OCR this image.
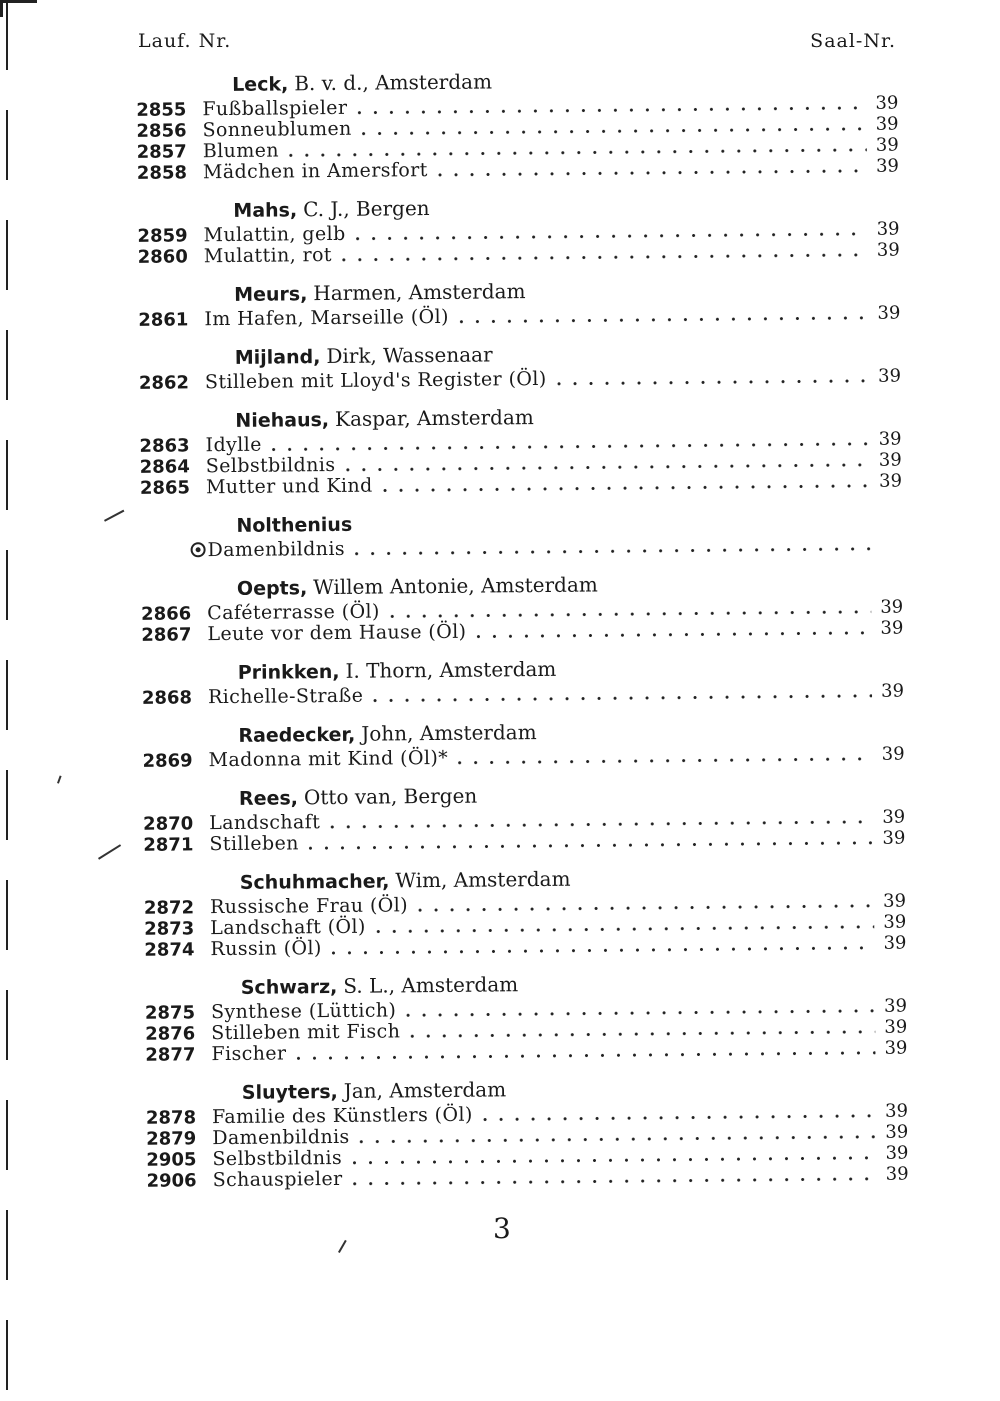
Lauf. Nr.	Saal-Nr.
Leck, B. v. d., Amsterdam
2855 Fußballspieler	39
2856 Sonneublumen	39
2857 Blumen	39
2858 Mädchen in Amersfort	39
Mahs, C. J., Bergen
2859 Mulattin, gelb	39
2860 Mulattin, rot	39
Meurs, Harmen, Amsterdam
2861 Im Hafen, Marseille (Öl)	39
Mijland, Dirk, Wassenaar
2862 Stilleben mit Lloyd's Register (Öl)	39
Niehaus, Kaspar, Amsterdam
2863 Idylle	39
2864 Selbstbildnis	39
2865 Mutter und Kind	39
Nolthenius
Damenbildnis
Oepts, Willem Antonie, Amsterdam
2866 Caféterrasse (Öl)	39
2867 Leute vor dem Hause (Öl)	39
Prinkken, I. Thorn, Amsterdam
2868 Richelle-Straße	39
Raedecker, John, Amsterdam
2869 Madonna mit Kind (Öl)*	39
Rees, Otto van, Bergen
2870 Landschaft	39
2871 Stilleben	39
Schuhmacher, Wim, Amsterdam
2872 Russische Frau (Öl)	39
2873 Landschaft (Öl)	39
2874 Russin (Öl)	39
Schwarz, S. L., Amsterdam
2875 Synthese (Lüttich)	39
2876 Stilleben mit Fisch	39
2877 Fischer	39
Sluyters, Jan, Amsterdam
2878 Familie des Künstlers (Öl)	39
2879 Damenbildnis	39
2905 Selbstbildnis	39
2906 Schauspieler	39
3
